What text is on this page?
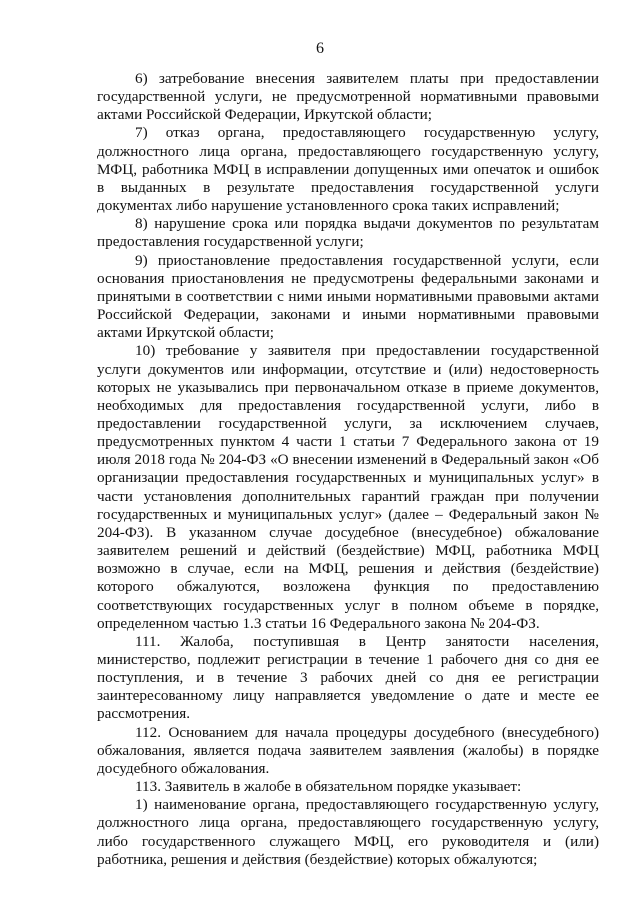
6

6) затребование внесения заявителем платы при предоставлении государственной услуги, не предусмотренной нормативными правовыми актами Российской Федерации, Иркутской области;

7) отказ органа, предоставляющего государственную услугу, должностного лица органа, предоставляющего государственную услугу, МФЦ, работника МФЦ в исправлении допущенных ими опечаток и ошибок в выданных в результате предоставления государственной услуги документах либо нарушение установленного срока таких исправлений;

8) нарушение срока или порядка выдачи документов по результатам предоставления государственной услуги;

9) приостановление предоставления государственной услуги, если основания приостановления не предусмотрены федеральными законами и принятыми в соответствии с ними иными нормативными правовыми актами Российской Федерации, законами и иными нормативными правовыми актами Иркутской области;

10) требование у заявителя при предоставлении государственной услуги документов или информации, отсутствие и (или) недостоверность которых не указывались при первоначальном отказе в приеме документов, необходимых для предоставления государственной услуги, либо в предоставлении государственной услуги, за исключением случаев, предусмотренных пунктом 4 части 1 статьи 7 Федерального закона от 19 июля 2018 года № 204-ФЗ «О внесении изменений в Федеральный закон «Об организации предоставления государственных и муниципальных услуг» в части установления дополнительных гарантий граждан при получении государственных и муниципальных услуг» (далее – Федеральный закон № 204-ФЗ). В указанном случае досудебное (внесудебное) обжалование заявителем решений и действий (бездействие) МФЦ, работника МФЦ возможно в случае, если на МФЦ, решения и действия (бездействие) которого обжалуются, возложена функция по предоставлению соответствующих государственных услуг в полном объеме в порядке, определенном частью 1.3 статьи 16 Федерального закона № 204-ФЗ.

111. Жалоба, поступившая в Центр занятости населения, министерство, подлежит регистрации в течение 1 рабочего дня со дня ее поступления, и в течение 3 рабочих дней со дня ее регистрации заинтересованному лицу направляется уведомление о дате и месте ее рассмотрения.

112. Основанием для начала процедуры досудебного (внесудебного) обжалования, является подача заявителем заявления (жалобы) в порядке досудебного обжалования.

113. Заявитель в жалобе в обязательном порядке указывает:

1) наименование органа, предоставляющего государственную услугу, должностного лица органа, предоставляющего государственную услугу, либо государственного служащего МФЦ, его руководителя и (или) работника, решения и действия (бездействие) которых обжалуются;
